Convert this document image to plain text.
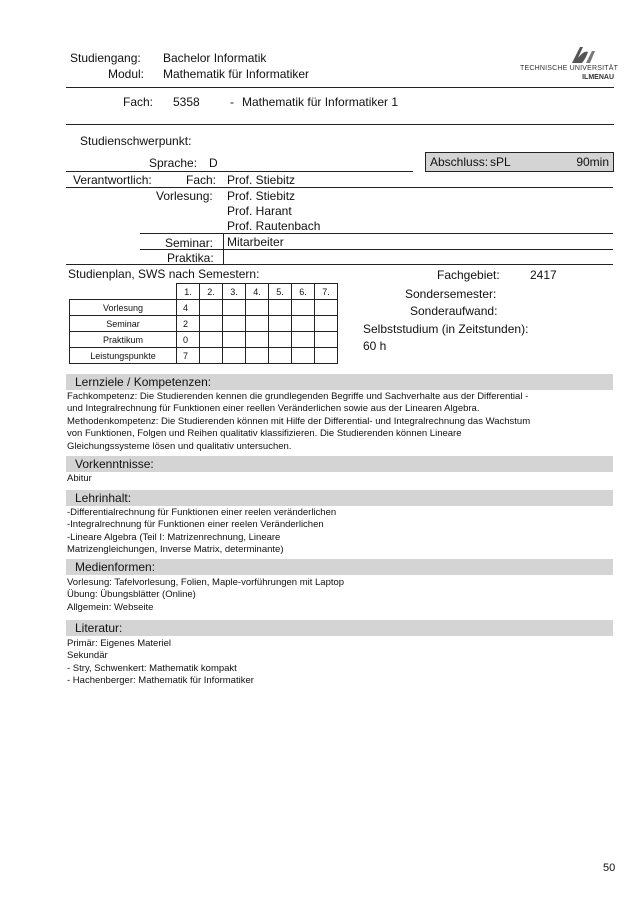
Studiengang: Bachelor Informatik
Modul: Mathematik für Informatiker	TECHNISCHE UNIVERSITÄT
ILMENAU
Fach: 5358	- Mathematik für Informatiker 1
Studienschwerpunkt:
Sprache: D	Abschluss: sPL	90min
Verantwortlich:	Fach: Prof. Stiebitz
Vorlesung: Prof. Stiebitz
Prof. Harant
Prof. Rautenbach
Seminar: Mitarbeiter
Praktika:
Studienplan, SWS nach Semestern:
	1.	2.	3.	4.	5.	6.	7.
Vorlesung	4						
Seminar	2						
Praktikum	0						
Leistungspunkte	7						
Fachgebiet:	2417
Sondersemester:
Sonderaufwand:
Selbststudium (in Zeitstunden):
60 h
Lernziele / Kompetenzen:
Fachkompetenz: Die Studierenden kennen die grundlegenden Begriffe und Sachverhalte aus der Differential -
und Integralrechnung für Funktionen einer reellen Veränderlichen sowie aus der Linearen Algebra.
Methodenkompetenz: Die Studierenden können mit Hilfe der Differential- und Integralrechnung das Wachstum
von Funktionen, Folgen und Reihen qualitativ klassifizieren. Die Studierenden können Lineare
Gleichungssysteme lösen und qualitativ untersuchen.
Vorkenntnisse:
Abitur
Lehrinhalt:
-Differentialrechnung für Funktionen einer reelen veränderlichen
-Integralrechnung für Funktionen einer reelen Veränderlichen
-Lineare Algebra (Teil I: Matrizenrechnung, Lineare
Matrizengleichungen, Inverse Matrix, determinante)
Medienformen:
Vorlesung: Tafelvorlesung, Folien, Maple-vorführungen mit Laptop
Übung: Übungsblätter (Online)
Allgemein: Webseite
Literatur:
Primär: Eigenes Materiel
Sekundär
- Stry, Schwenkert: Mathematik kompakt
- Hachenberger: Mathematik für Informatiker
50
